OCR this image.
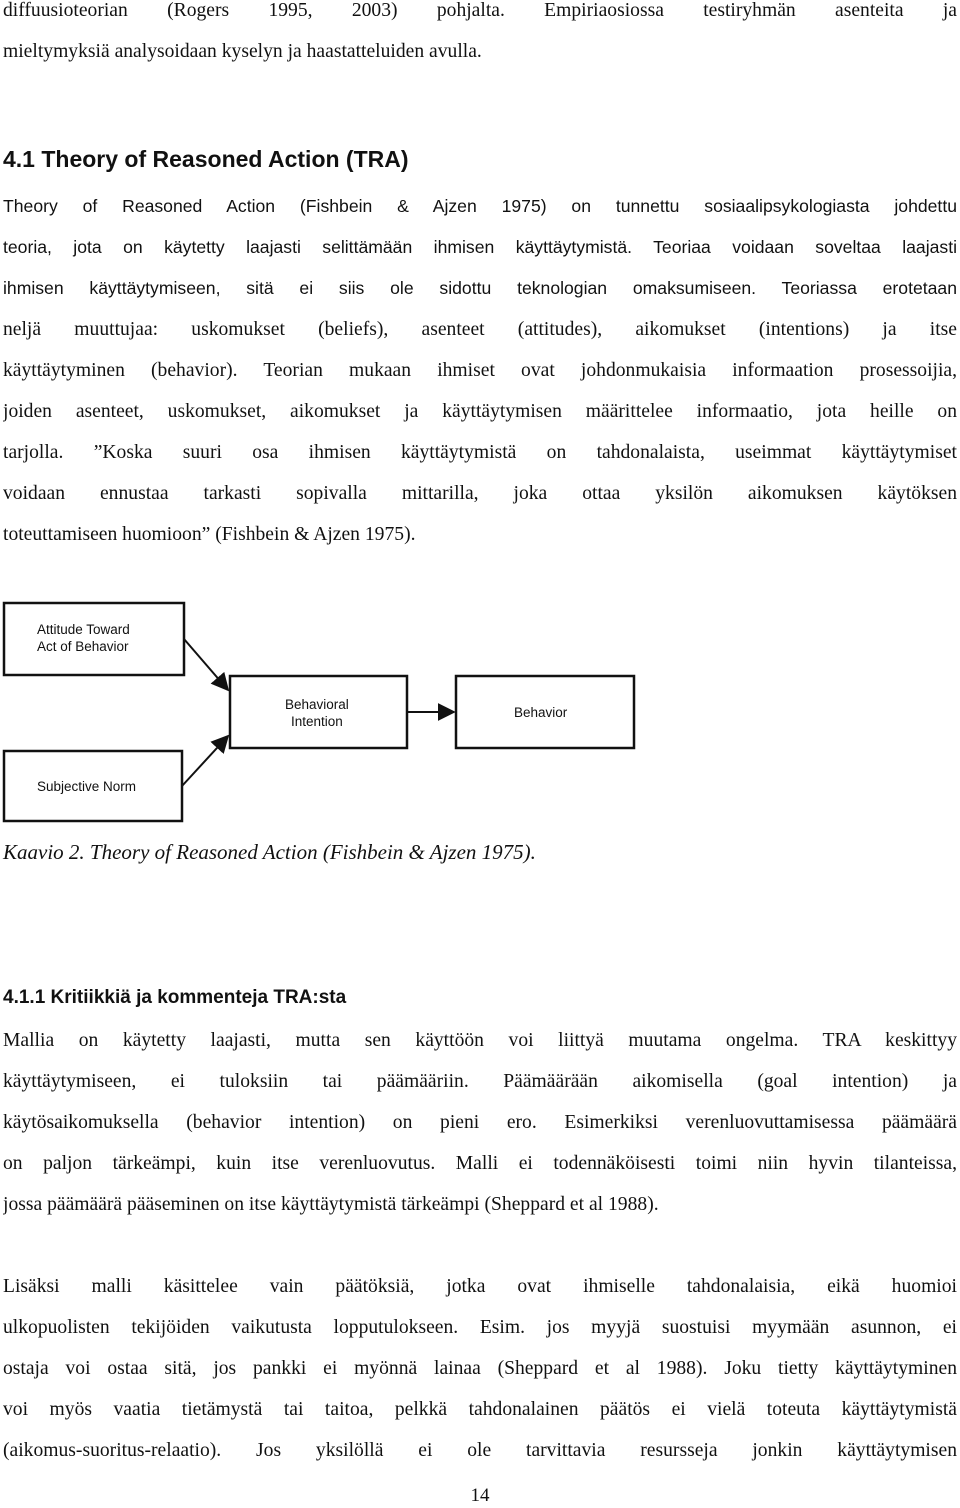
diffuusioteorian (Rogers 1995, 2003) pohjalta. Empiriaosiossa testiryhmän asenteita ja
mieltymyksiä analysoidaan kyselyn ja haastatteluiden avulla.
4.1 Theory of Reasoned Action (TRA)
Theory of Reasoned Action (Fishbein & Ajzen 1975) on tunnettu sosiaalipsykologiasta johdettu
teoria, jota on käytetty laajasti selittämään ihmisen käyttäytymistä. Teoriaa voidaan soveltaa laajasti
ihmisen käyttäytymiseen, sitä ei siis ole sidottu teknologian omaksumiseen. Teoriassa erotetaan
neljä muuttujaa: uskomukset (beliefs), asenteet (attitudes), aikomukset (intentions) ja itse
käyttäytyminen (behavior). Teorian mukaan ihmiset ovat johdonmukaisia informaation prosessoijia,
joiden asenteet, uskomukset, aikomukset ja käyttäytymisen määrittelee informaatio, jota heille on
tarjolla. ”Koska suuri osa ihmisen käyttäytymistä on tahdonalaista, useimmat käyttäytymiset
voidaan ennustaa tarkasti sopivalla mittarilla, joka ottaa yksilön aikomuksen käytöksen
toteuttamiseen huomioon” (Fishbein & Ajzen 1975).
Attitude Toward
Act of Behavior
Subjective Norm
Behavioral
Intention
Behavior

Kaavio 2. Theory of Reasoned Action (Fishbein & Ajzen 1975).

4.1.1 Kritiikkiä ja kommenteja TRA:sta
Mallia on käytetty laajasti, mutta sen käyttöön voi liittyä muutama ongelma. TRA keskittyy
käyttäytymiseen, ei tuloksiin tai päämääriin. Päämäärään aikomisella (goal intention) ja
käytösaikomuksella (behavior intention) on pieni ero. Esimerkiksi verenluovuttamisessa päämäärä
on paljon tärkeämpi, kuin itse verenluovutus. Malli ei todennäköisesti toimi niin hyvin tilanteissa,
jossa päämäärä pääseminen on itse käyttäytymistä tärkeämpi (Sheppard et al 1988).
Lisäksi malli käsittelee vain päätöksiä, jotka ovat ihmiselle tahdonalaisia, eikä huomioi
ulkopuolisten tekijöiden vaikutusta lopputulokseen. Esim. jos myyjä suostuisi myymään asunnon, ei
ostaja voi ostaa sitä, jos pankki ei myönnä lainaa (Sheppard et al 1988). Joku tietty käyttäytyminen
voi myös vaatia tietämystä tai taitoa, pelkkä tahdonalainen päätös ei vielä toteuta käyttäytymistä
(aikomus-suoritus-relaatio). Jos yksilöllä ei ole tarvittavia resursseja jonkin käyttäytymisen
14
